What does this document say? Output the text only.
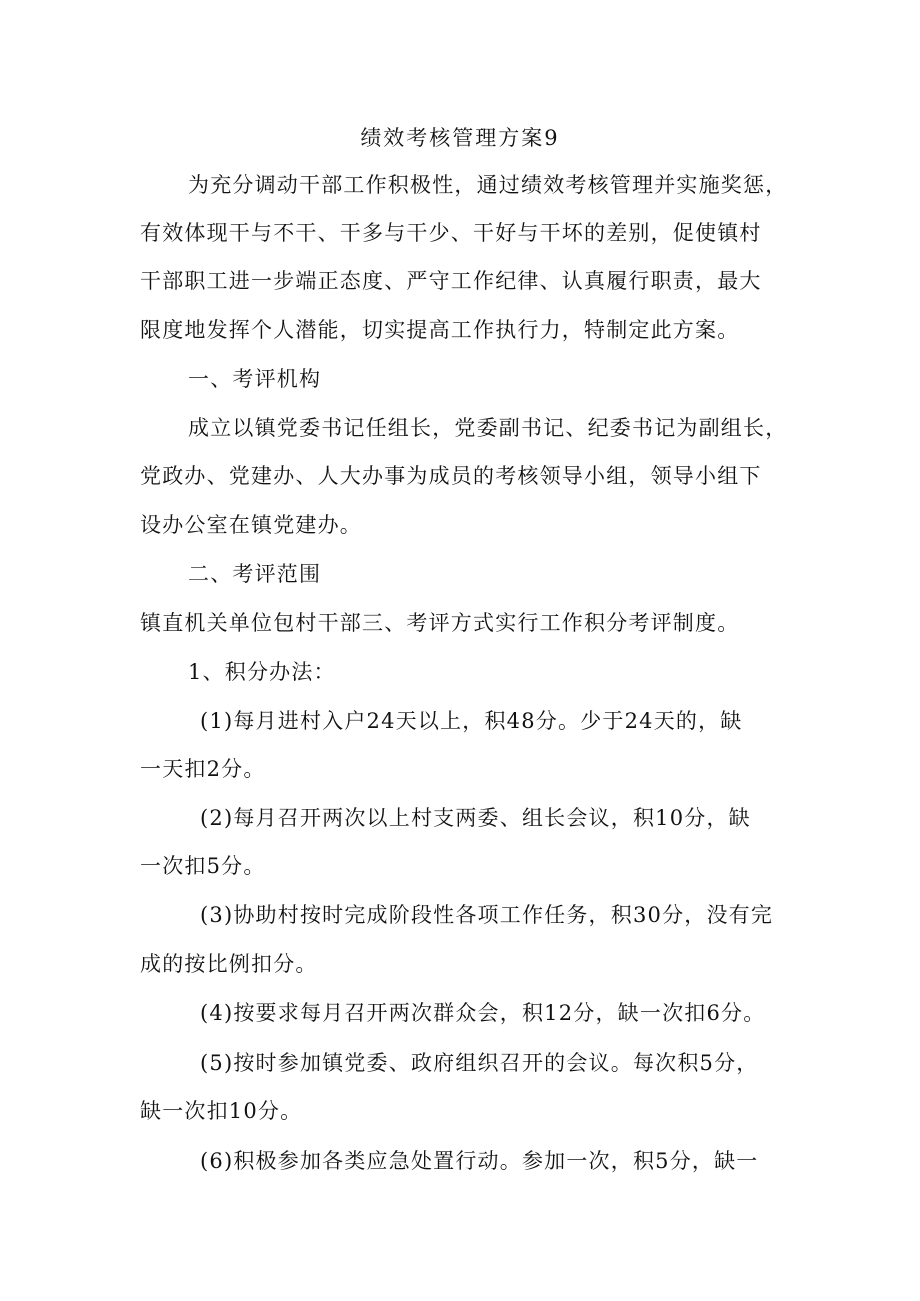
绩效考核管理方案9
为充分调动干部工作积极性，通过绩效考核管理并实施奖惩，
有效体现干与不干、干多与干少、干好与干坏的差别，促使镇村
干部职工进一步端正态度、严守工作纪律、认真履行职责，最大
限度地发挥个人潜能，切实提高工作执行力，特制定此方案。
一、考评机构
成立以镇党委书记任组长，党委副书记、纪委书记为副组长，
党政办、党建办、人大办事为成员的考核领导小组，领导小组下
设办公室在镇党建办。
二、考评范围
镇直机关单位包村干部三、考评方式实行工作积分考评制度。
1、积分办法：
(1)每月进村入户24天以上，积48分。少于24天的，缺
一天扣2分。
(2)每月召开两次以上村支两委、组长会议，积10分，缺
一次扣5分。
(3)协助村按时完成阶段性各项工作任务，积30分，没有完
成的按比例扣分。
(4)按要求每月召开两次群众会，积12分，缺一次扣6分。
(5)按时参加镇党委、政府组织召开的会议。每次积5分，
缺一次扣10分。
(6)积极参加各类应急处置行动。参加一次，积5分，缺一
